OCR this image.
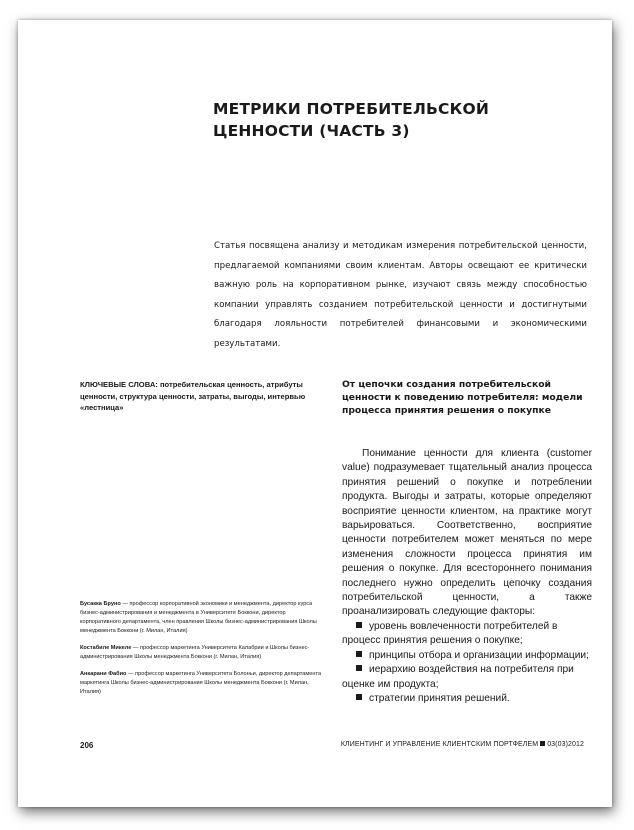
МЕТРИКИ ПОТРЕБИТЕЛЬСКОЙ ЦЕННОСТИ (ЧАСТЬ 3)

Статья посвящена анализу и методикам измерения потребительской ценности, предлагаемой компаниями своим клиентам. Авторы освещают ее критически важную роль на корпоративном рынке, изучают связь между способностью компании управлять созданием потребительской ценности и достигнутыми благодаря лояльности потребителей финансовыми и экономическими результатами.

КЛЮЧЕВЫЕ СЛОВА: потребительская ценность, атрибуты ценности, структура ценности, затраты, выгоды, интервью «лестница»

Бусакка Бруно — профессор корпоративной экономики и менеджмента, директор курса бизнес-администрирования и менеджмента в Университете Боккони, директор корпоративного департамента, член правления Школы бизнес-администрирования Школы менеджмента Боккони (г. Милан, Италия)

Костабиле Микеле — профессор маркетинга Университета Калабрии и Школы бизнес-администрирования Школы менеджмента Боккони (г. Милан, Италия)

Анкарани Фабио — профессор маркетинга Университета Болоньи, директор департамента маркетинга Школы бизнес-администрирования Школы менеджмента Боккони (г. Милан, Италия)

От цепочки создания потребительской ценности к поведению потребителя: модели процесса принятия решения о покупке

Понимание ценности для клиента (customer value) подразумевает тщательный анализ процесса принятия решений о покупке и потреблении продукта. Выгоды и затраты, которые определяют восприятие ценности клиентом, на практике могут варьироваться. Соответственно, восприятие ценности потребителем может меняться по мере изменения сложности процесса принятия им решения о покупке. Для всестороннего понимания последнего нужно определить цепочку создания потребительской ценности, а также проанализировать следующие факторы:

уровень вовлеченности потребителей в процесс принятия решения о покупке;

принципы отбора и организации информации;

иерархию воздействия на потребителя при оценке им продукта;

стратегии принятия решений.

206	КЛИЕНТИНГ И УПРАВЛЕНИЕ КЛИЕНТСКИМ ПОРТФЕЛЕМ 03(03)2012
